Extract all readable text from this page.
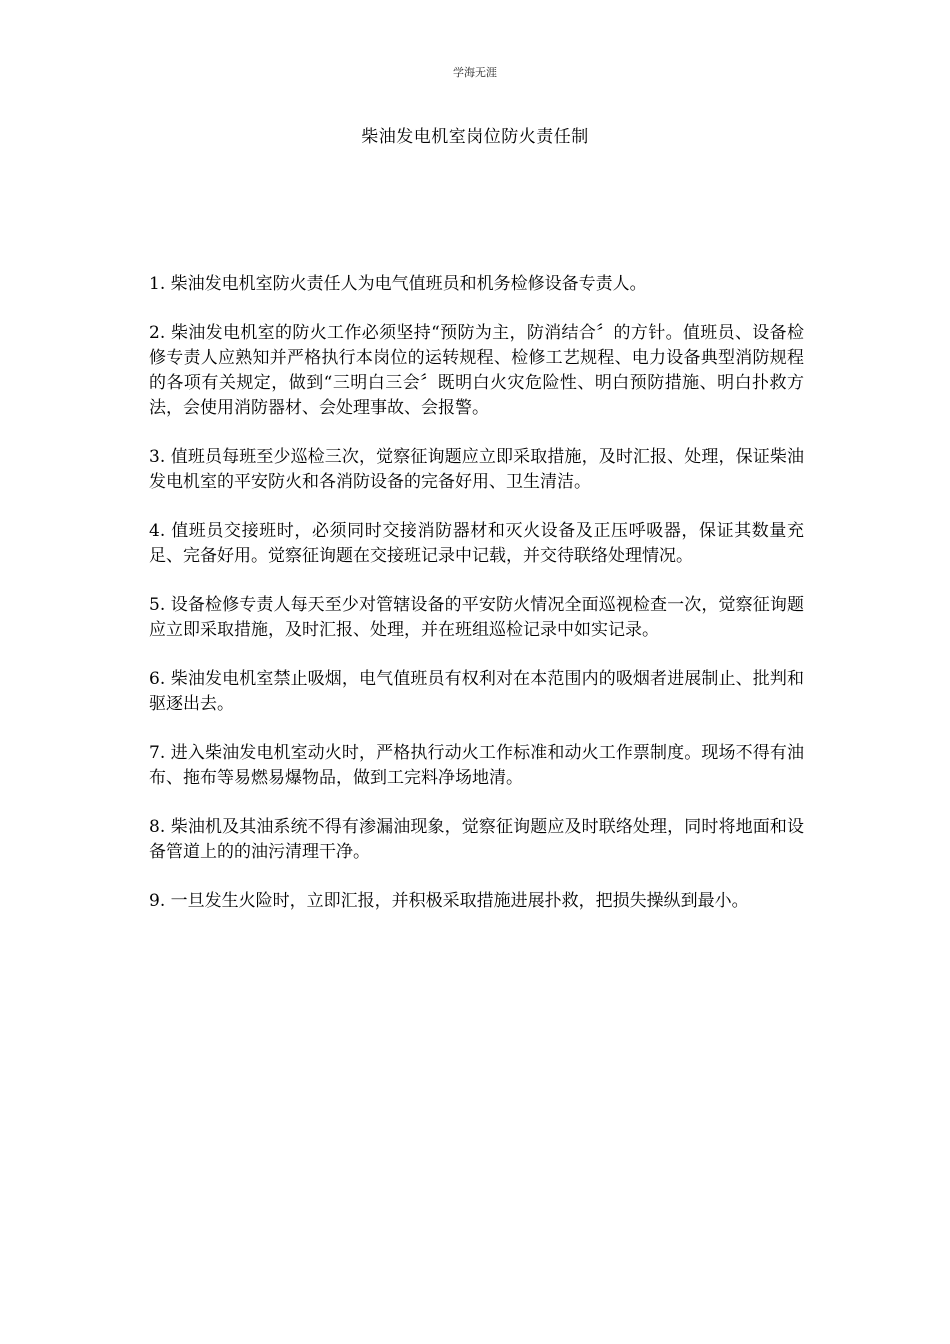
学海无涯
柴油发电机室岗位防火责任制

1. 柴油发电机室防火责任人为电气值班员和机务检修设备专责人。

2. 柴油发电机室的防火工作必须坚持“预防为主，防消结合〞的方针。值班员、设备检修专责人应熟知并严格执行本岗位的运转规程、检修工艺规程、电力设备典型消防规程的各项有关规定，做到“三明白三会〞既明白火灾危险性、明白预防措施、明白扑救方法，会使用消防器材、会处理事故、会报警。

3. 值班员每班至少巡检三次，觉察征询题应立即采取措施，及时汇报、处理，保证柴油发电机室的平安防火和各消防设备的完备好用、卫生清洁。

4. 值班员交接班时，必须同时交接消防器材和灭火设备及正压呼吸器，保证其数量充足、完备好用。觉察征询题在交接班记录中记载，并交待联络处理情况。

5. 设备检修专责人每天至少对管辖设备的平安防火情况全面巡视检查一次，觉察征询题应立即采取措施，及时汇报、处理，并在班组巡检记录中如实记录。

6. 柴油发电机室禁止吸烟，电气值班员有权利对在本范围内的吸烟者进展制止、批判和驱逐出去。

7. 进入柴油发电机室动火时，严格执行动火工作标准和动火工作票制度。现场不得有油布、拖布等易燃易爆物品，做到工完料净场地清。

8. 柴油机及其油系统不得有渗漏油现象，觉察征询题应及时联络处理，同时将地面和设备管道上的的油污清理干净。

9. 一旦发生火险时，立即汇报，并积极采取措施进展扑救，把损失操纵到最小。
